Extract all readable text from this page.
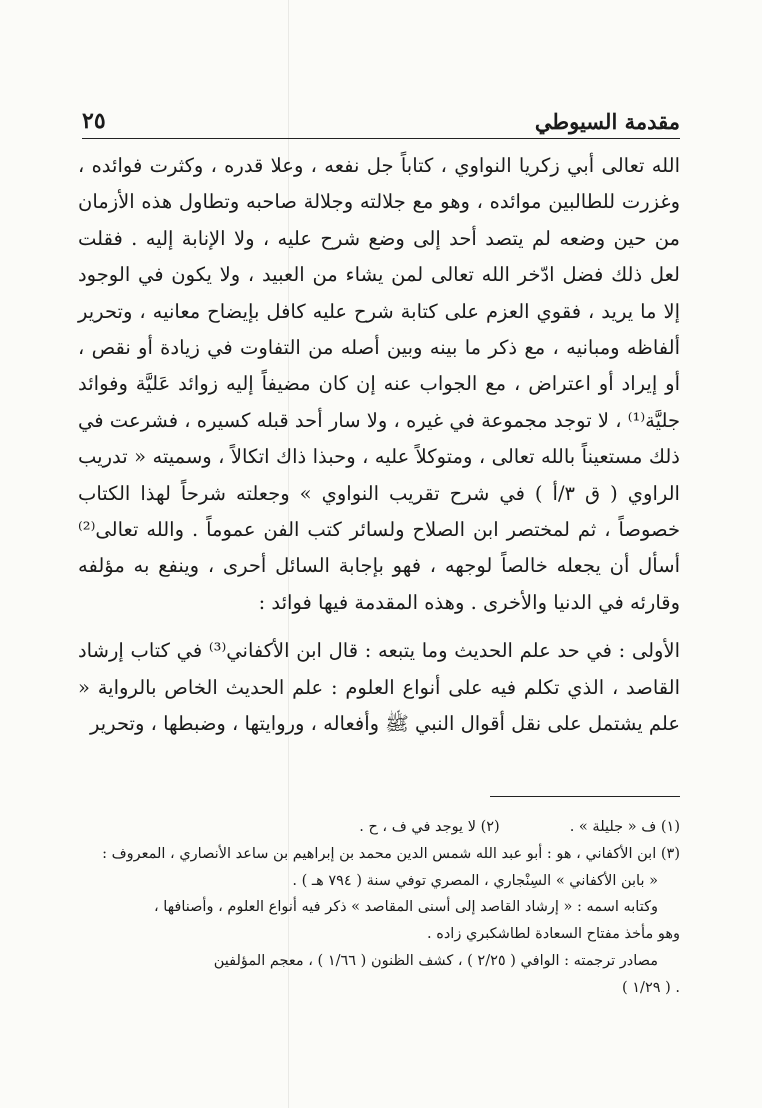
مقدمة السيوطي
٢٥

الله تعالى أبي زكريا النواوي ، كتاباً جل نفعه ، وعلا قدره ، وكثرت فوائده ، وغزرت للطالبين موائده ، وهو مع جلالته وجلالة صاحبه وتطاول هذه الأزمان من حين وضعه لم يتصد أحد إلى وضع شرح عليه ، ولا الإنابة إليه . فقلت لعل ذلك فضل ادّخر الله تعالى لمن يشاء من العبيد ، ولا يكون في الوجود إلا ما يريد ، فقوي العزم على كتابة شرح عليه كافل بإيضاح معانيه ، وتحرير ألفاظه ومبانيه ، مع ذكر ما بينه وبين أصله من التفاوت في زيادة أو نقص ، أو إيراد أو اعتراض ، مع الجواب عنه إن كان مضيفاً إليه زوائد عَليَّة وفوائد جليَّة⁽¹⁾ ، لا توجد مجموعة في غيره ، ولا سار أحد قبله كسيره ، فشرعت في ذلك مستعيناً بالله تعالى ، ومتوكلاً عليه ، وحبذا ذاك اتكالاً ، وسميته « تدريب الراوي ( ق ٣/أ ) في شرح تقريب النواوي » وجعلته شرحاً لهذا الكتاب خصوصاً ، ثم لمختصر ابن الصلاح ولسائر كتب الفن عموماً . والله تعالى⁽²⁾ أسأل أن يجعله خالصاً لوجهه ، فهو بإجابة السائل أحرى ، وينفع به مؤلفه وقارئه في الدنيا والأخرى . وهذه المقدمة فيها فوائد :

الأولى : في حد علم الحديث وما يتبعه : قال ابن الأكفاني⁽³⁾ في كتاب إرشاد القاصد ، الذي تكلم فيه على أنواع العلوم : علم الحديث الخاص بالرواية « علم يشتمل على نقل أقوال النبي ﷺ وأفعاله ، وروايتها ، وضبطها ، وتحرير

(١) ف « جليلة » .
(٢) لا يوجد في ف ، ح .

(٣) ابن الأكفاني ، هو : أبو عبد الله شمس الدين محمد بن إبراهيم بن ساعد الأنصاري ، المعروف :

« بابن الأكفاني » السِنْجاري ، المصري توفي سنة ( ٧٩٤ هـ ) .

وكتابه اسمه : « إرشاد القاصد إلى أسنى المقاصد » ذكر فيه أنواع العلوم ، وأصنافها ،

وهو مأخذ مفتاح السعادة لطاشكبري زاده .

مصادر ترجمته : الوافي ( ٢/٢٥ ) ، كشف الظنون ( ١/٦٦ ) ، معجم المؤلفين

. ( ١/٢٩ )
